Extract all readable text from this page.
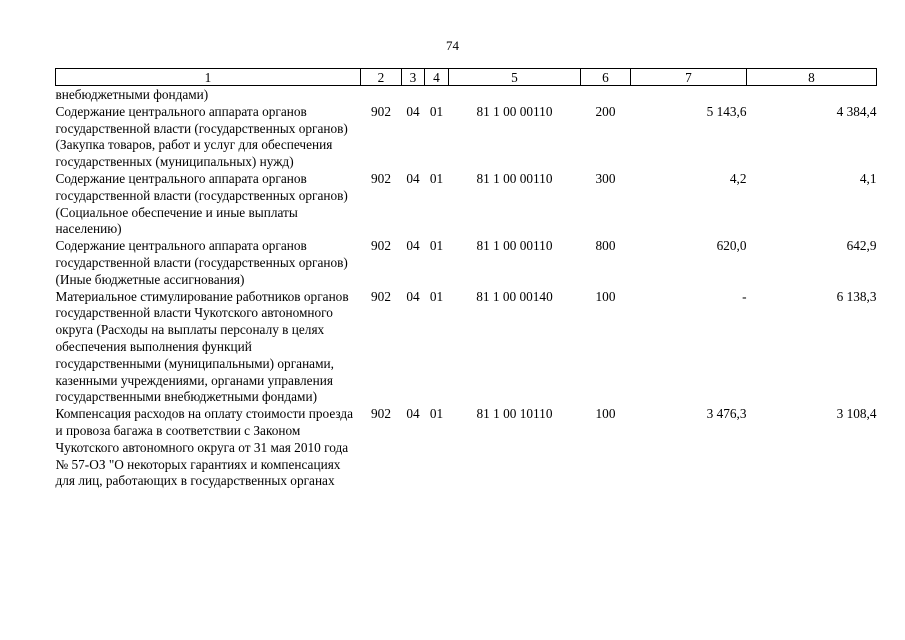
74
1	2	3	4	5	6	7	8
внебюджетными фондами)							
Содержание центрального аппарата органов государственной власти (государственных органов) (Закупка товаров, работ и услуг для обеспечения государственных (муниципальных) нужд)	902	04	01	81 1 00 00110	200	5 143,6	4 384,4
Содержание центрального аппарата органов государственной власти (государственных органов) (Социальное обеспечение и иные выплаты населению)	902	04	01	81 1 00 00110	300	4,2	4,1
Содержание центрального аппарата органов государственной власти (государственных органов) (Иные бюджетные ассигнования)	902	04	01	81 1 00 00110	800	620,0	642,9
Материальное стимулирование работников органов государственной власти Чукотского автономного округа (Расходы на выплаты персоналу в целях обеспечения выполнения функций государственными (муниципальными) органами, казенными учреждениями, органами управления государственными внебюджетными фондами)	902	04	01	81 1 00 00140	100	-	6 138,3
Компенсация расходов на оплату стоимости проезда и провоза багажа в соответствии с Законом Чукотского автономного округа от 31 мая 2010 года № 57-ОЗ "О некоторых гарантиях и компенсациях для лиц, работающих в государственных органах	902	04	01	81 1 00 10110	100	3 476,3	3 108,4
